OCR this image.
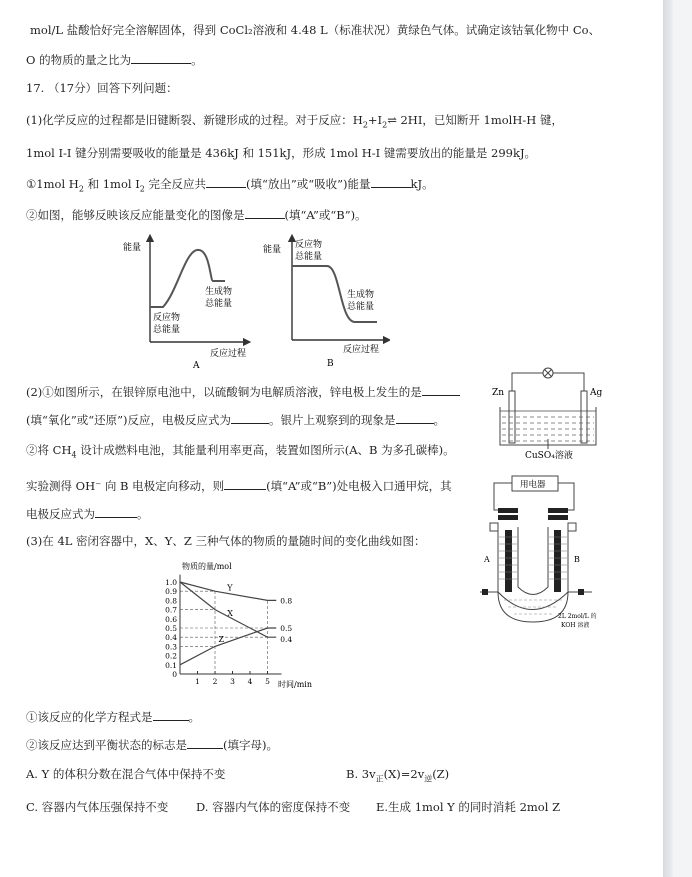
mol/L 盐酸恰好完全溶解固体，得到 CoCl₂溶液和 4.48 L（标准状况）黄绿色气体。试确定该钴氧化物中 Co、
O 的物质的量之比为	。
17. （17分）回答下列问题：
(1)化学反应的过程都是旧键断裂、新键形成的过程。对于反应：$H_2+I_2\rightleftharpoons$ 2HI，已知断开 1molH-H 键，
1mol I-I 键分别需要吸收的能量是 436kJ 和 151kJ，形成 1mol H-I 键需要放出的能量是 299kJ。
①1mol $H_2$ 和 1mol $I_2$ 完全反应共	(填“放出”或“吸收”)能量	kJ。
②如图，能够反映该反应能量变化的图像是	(填“A”或“B”)。
能量
反应物
总能量
生成物
总能量
反应过程
A
能量 反应物
总能量
生成物
总能量
反应过程
B
(2)①如图所示，在银锌原电池中，以硫酸铜为电解质溶液，锌电极上发生的是
(填“氧化”或“还原”)反应，电极反应式为	。银片上观察到的现象是	。
②将 $CH_4$ 设计成燃料电池，其能量利用率更高，装置如图所示(A、B 为多孔碳棒)。
Zn	Ag
CuSO₄溶液
实验测得 OH⁻ 向 B 电极定向移动，则	(填“A”或“B”)处电极入口通甲烷，其
电极反应式为	。
(3)在 4L 密闭容器中，X、Y、Z 三种气体的物质的量随时间的变化曲线如图：
用电器
A	B
2L 2mol/L 的
KOH 溶液
物质的量/mol
时间/min
0
0.1
0.2
0.3
0.4
0.5
0.6
0.7
0.8
0.9
1.0
1 2 3 4 5
Y
X
Z
0.8
0.5
0.4
①该反应的化学方程式是	。
②该反应达到平衡状态的标志是	(填字母)。
A. Y 的体积分数在混合气体中保持不变	B. $3v_正(X)=2v_逆(Z)$
C. 容器内气体压强保持不变 D. 容器内气体的密度保持不变 E.生成 1mol Y 的同时消耗 2mol Z
